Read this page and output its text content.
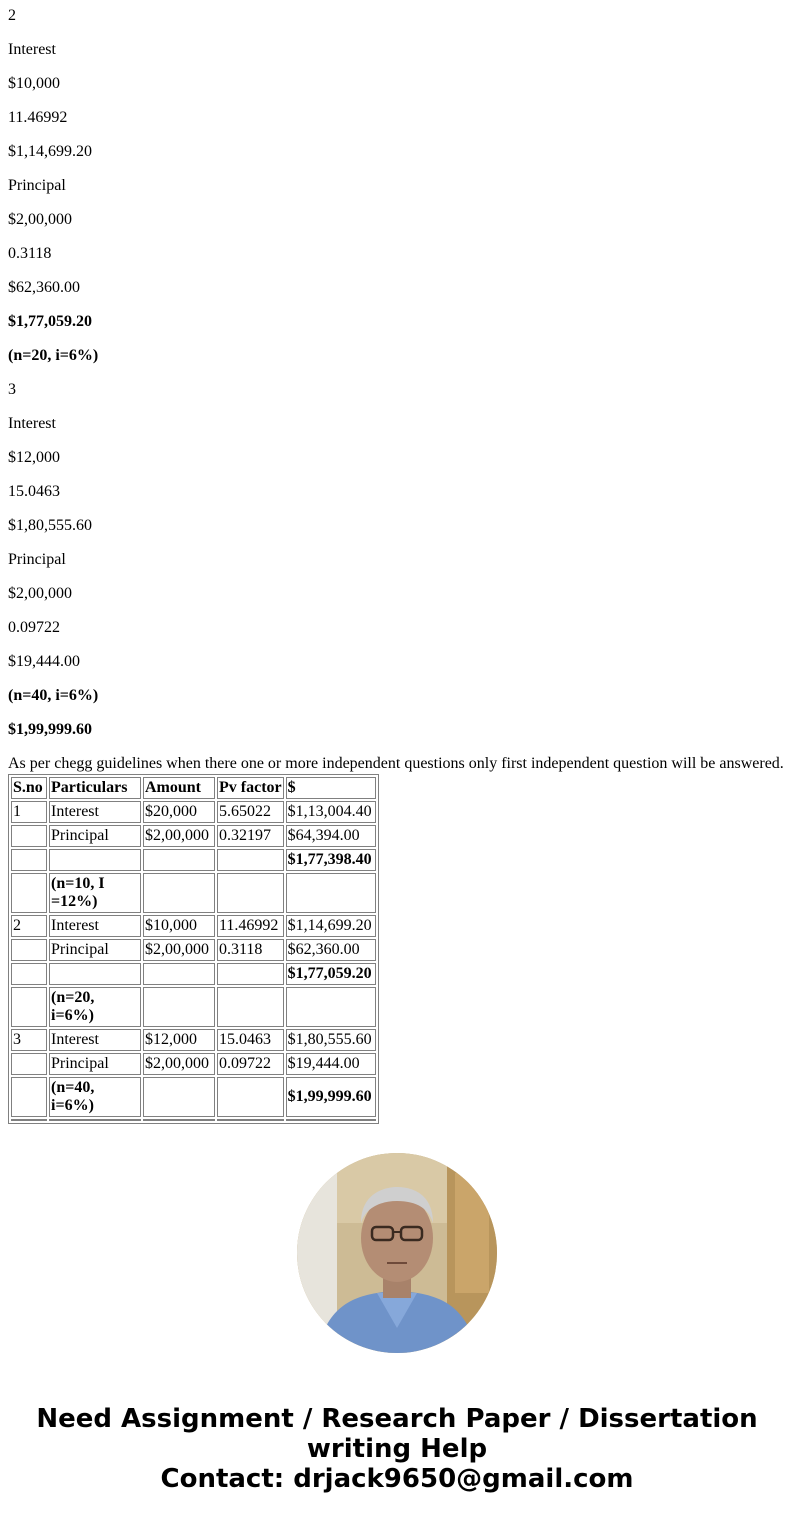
2

Interest

$10,000

11.46992

$1,14,699.20

Principal

$2,00,000

0.3118

$62,360.00

$1,77,059.20

(n=20, i=6%)

3

Interest

$12,000

15.0463

$1,80,555.60

Principal

$2,00,000

0.09722

$19,444.00

(n=40, i=6%)

$1,99,999.60

As per chegg guidelines when there one or more independent questions only first independent question will be answered.

S.no	Particulars	Amount	Pv factor	$
1	Interest	$20,000	5.65022	$1,13,004.40
	Principal	$2,00,000	0.32197	$64,394.00
				$1,77,398.40
	(n=10, I =12%)			
2	Interest	$10,000	11.46992	$1,14,699.20
	Principal	$2,00,000	0.3118	$62,360.00
				$1,77,059.20
	(n=20, i=6%)			
3	Interest	$12,000	15.0463	$1,80,555.60
	Principal	$2,00,000	0.09722	$19,444.00
	(n=40, i=6%)			$1,99,999.60

Need Assignment / Research Paper / Dissertation
writing Help
Contact: drjack9650@gmail.com
